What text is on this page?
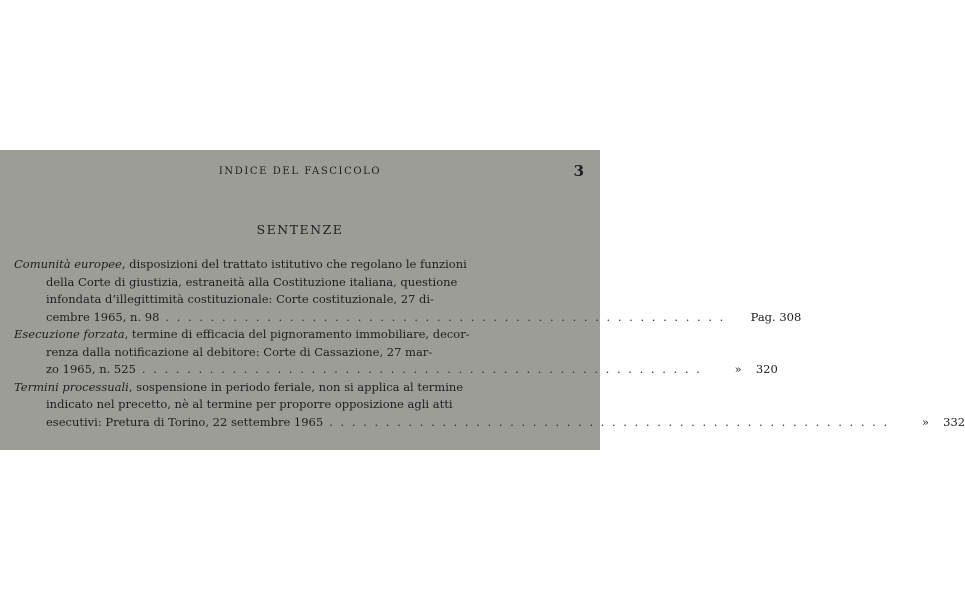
INDICE DEL FASCICOLO	3
SENTENZE
Comunità europee, disposizioni del trattato istitutivo che regolano le funzioni
della Corte di giustizia, estraneità alla Costituzione italiana, questione
infondata d’illegittimità costituzionale: Corte costituzionale, 27 di-
cembre 1965, n. 98 . . . . . . . . . . . . . . . . . . . . . . . . . . . . . . . . . . . . . . . . . . . . . . . . . .	Pag. 308
Esecuzione forzata, termine di efficacia del pignoramento immobiliare, decor-
renza dalla notificazione al debitore: Corte di Cassazione, 27 mar-
zo 1965, n. 525 . . . . . . . . . . . . . . . . . . . . . . . . . . . . . . . . . . . . . . . . . . . . . . . . . .	» 320
Termini processuali, sospensione in periodo feriale, non si applica al termine
indicato nel precetto, nè al termine per proporre opposizione agli atti
esecutivi: Pretura di Torino, 22 settembre 1965 . . . . . . . . . . . . . . . . . . . . . . . . . . . . . . . . . . . . . . . . . . . . . . . . . .	» 332
